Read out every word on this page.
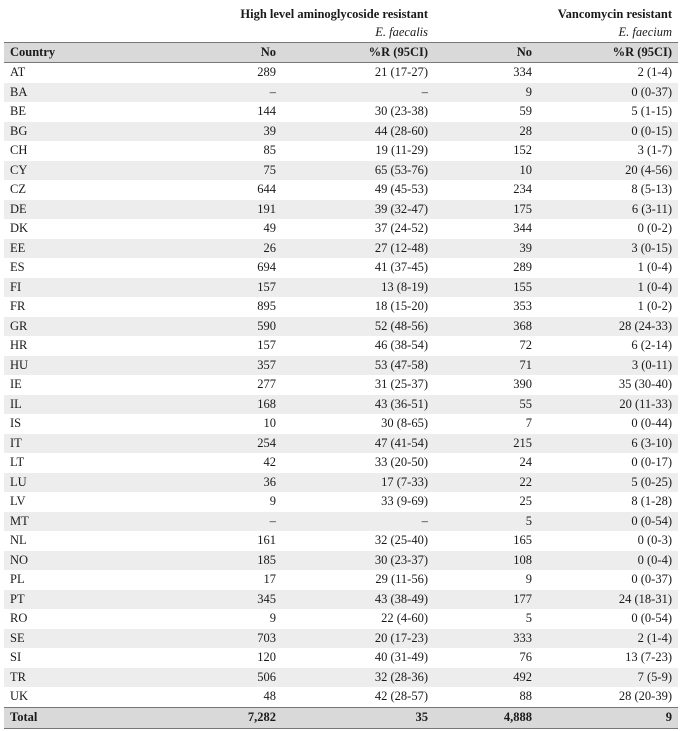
	High level aminoglycoside resistant		Vancomycin resistant	
	E. faecalis		E. faecium	
Country	No	%R (95CI)	No	%R (95CI)
AT	289	21 (17-27)	334	2 (1-4)
BA	–	–	9	0 (0-37)
BE	144	30 (23-38)	59	5 (1-15)
BG	39	44 (28-60)	28	0 (0-15)
CH	85	19 (11-29)	152	3 (1-7)
CY	75	65 (53-76)	10	20 (4-56)
CZ	644	49 (45-53)	234	8 (5-13)
DE	191	39 (32-47)	175	6 (3-11)
DK	49	37 (24-52)	344	0 (0-2)
EE	26	27 (12-48)	39	3 (0-15)
ES	694	41 (37-45)	289	1 (0-4)
FI	157	13 (8-19)	155	1 (0-4)
FR	895	18 (15-20)	353	1 (0-2)
GR	590	52 (48-56)	368	28 (24-33)
HR	157	46 (38-54)	72	6 (2-14)
HU	357	53 (47-58)	71	3 (0-11)
IE	277	31 (25-37)	390	35 (30-40)
IL	168	43 (36-51)	55	20 (11-33)
IS	10	30 (8-65)	7	0 (0-44)
IT	254	47 (41-54)	215	6 (3-10)
LT	42	33 (20-50)	24	0 (0-17)
LU	36	17 (7-33)	22	5 (0-25)
LV	9	33 (9-69)	25	8 (1-28)
MT	–	–	5	0 (0-54)
NL	161	32 (25-40)	165	0 (0-3)
NO	185	30 (23-37)	108	0 (0-4)
PL	17	29 (11-56)	9	0 (0-37)
PT	345	43 (38-49)	177	24 (18-31)
RO	9	22 (4-60)	5	0 (0-54)
SE	703	20 (17-23)	333	2 (1-4)
SI	120	40 (31-49)	76	13 (7-23)
TR	506	32 (28-36)	492	7 (5-9)
UK	48	42 (28-57)	88	28 (20-39)
Total	7,282	35	4,888	9
